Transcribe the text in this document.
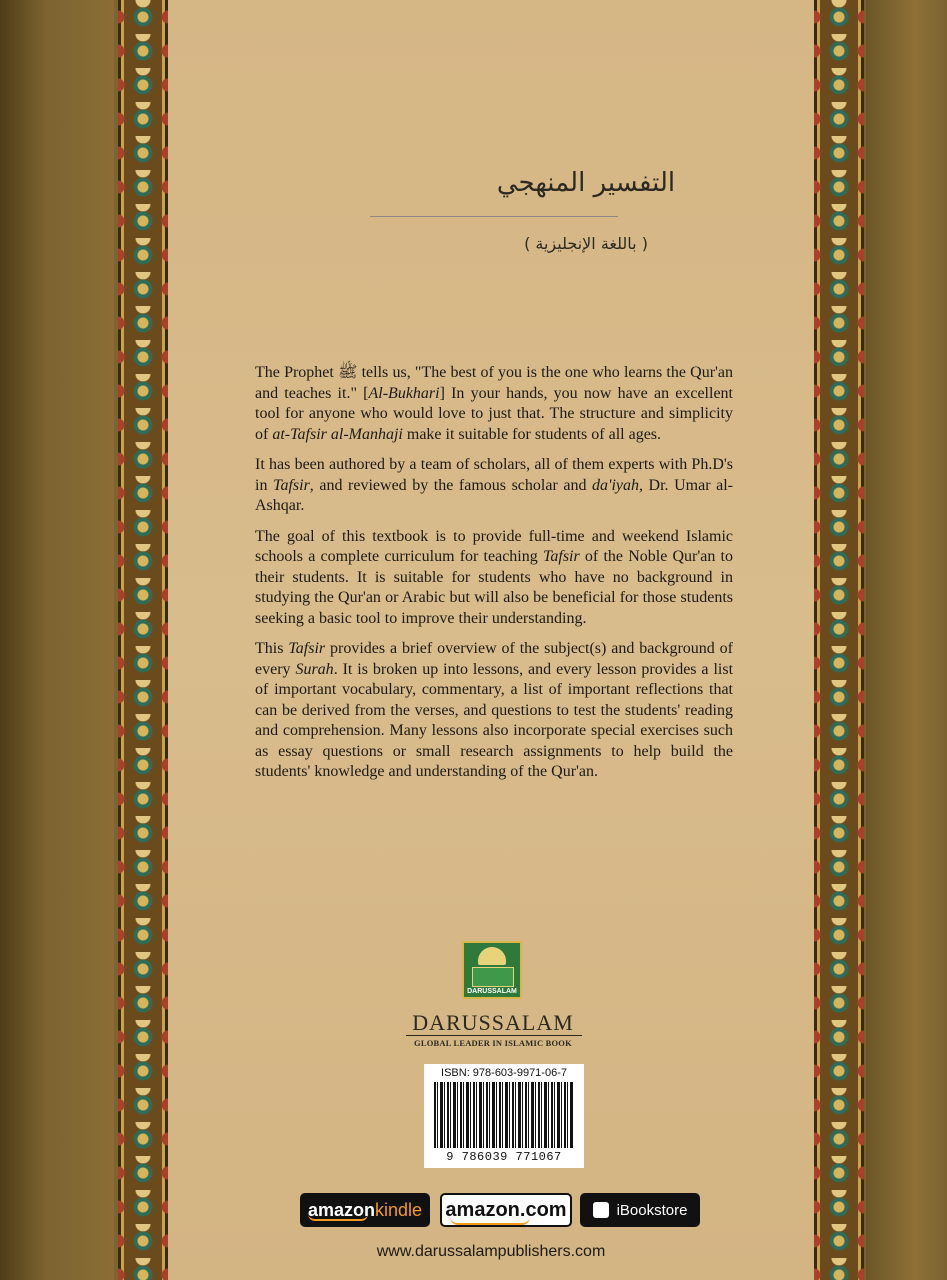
التفسير المنهجي
( باللغة الإنجليزية )

The Prophet ﷺ tells us, "The best of you is the one who learns the Qur'an and teaches it." [Al-Bukhari] In your hands, you now have an excellent tool for anyone who would love to just that. The structure and simplicity of at-Tafsir al-Manhaji make it suitable for students of all ages.

It has been authored by a team of scholars, all of them experts with Ph.D's in Tafsir, and reviewed by the famous scholar and da'iyah, Dr. Umar al-Ashqar.

The goal of this textbook is to provide full-time and weekend Islamic schools a complete curriculum for teaching Tafsir of the Noble Qur'an to their students. It is suitable for students who have no background in studying the Qur'an or Arabic but will also be beneficial for those students seeking a basic tool to improve their understanding.

This Tafsir provides a brief overview of the subject(s) and background of every Surah. It is broken up into lessons, and every lesson provides a list of important vocabulary, commentary, a list of important reflections that can be derived from the verses, and questions to test the students' reading and comprehension. Many lessons also incorporate special exercises such as essay questions or small research assignments to help build the students' knowledge and understanding of the Qur'an.

DARUSSALAM
DARUSSALAM
GLOBAL LEADER IN ISLAMIC BOOK
ISBN: 978-603-9971-06-7
9 786039 771067
amazon kindle amazon.com	iBookstore
www.darussalampublishers.com
